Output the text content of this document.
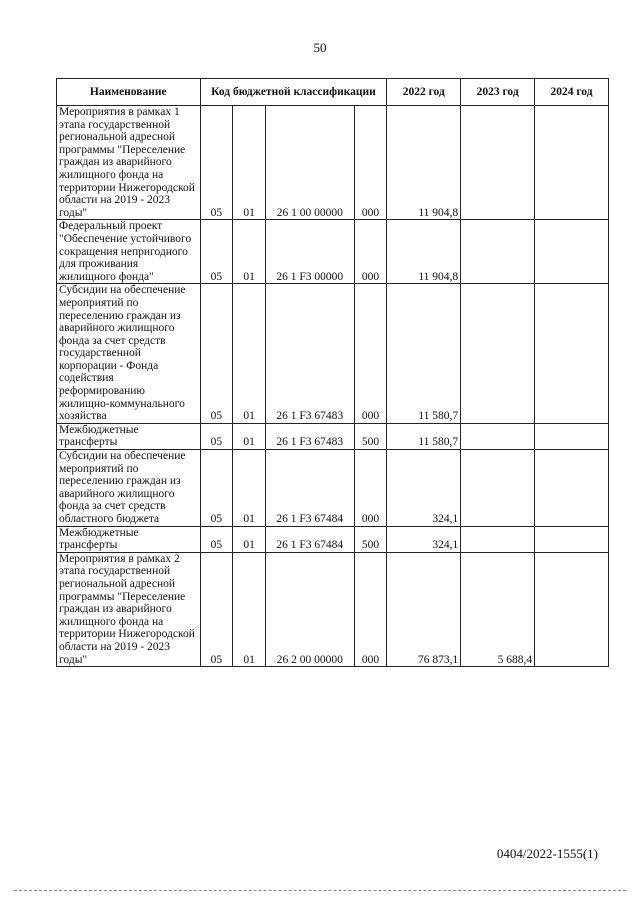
50
Наименование	Код бюджетной классификации				2022 год	2023 год	2024 год
Мероприятия в рамках 1 этапа государственной региональной адресной программы "Переселение граждан из аварийного жилищного фонда на территории Нижегородской области на 2019 - 2023 годы"	05	01	26 1 00 00000	000	11 904,8		
Федеральный проект "Обеспечение устойчивого сокращения непригодного для проживания жилищного фонда"	05	01	26 1 F3 00000	000	11 904,8		
Субсидии на обеспечение мероприятий по переселению граждан из аварийного жилищного фонда за счет средств государственной корпорации - Фонда содействия реформированию жилищно-коммунального хозяйства	05	01	26 1 F3 67483	000	11 580,7		
Межбюджетные трансферты	05	01	26 1 F3 67483	500	11 580,7		
Субсидии на обеспечение мероприятий по переселению граждан из аварийного жилищного фонда за счет средств областного бюджета	05	01	26 1 F3 67484	000	324,1		
Межбюджетные трансферты	05	01	26 1 F3 67484	500	324,1		
Мероприятия в рамках 2 этапа государственной региональной адресной программы "Переселение граждан из аварийного жилищного фонда на территории Нижегородской области на 2019 - 2023 годы"	05	01	26 2 00 00000	000	76 873,1	5 688,4	
0404/2022-1555(1)
